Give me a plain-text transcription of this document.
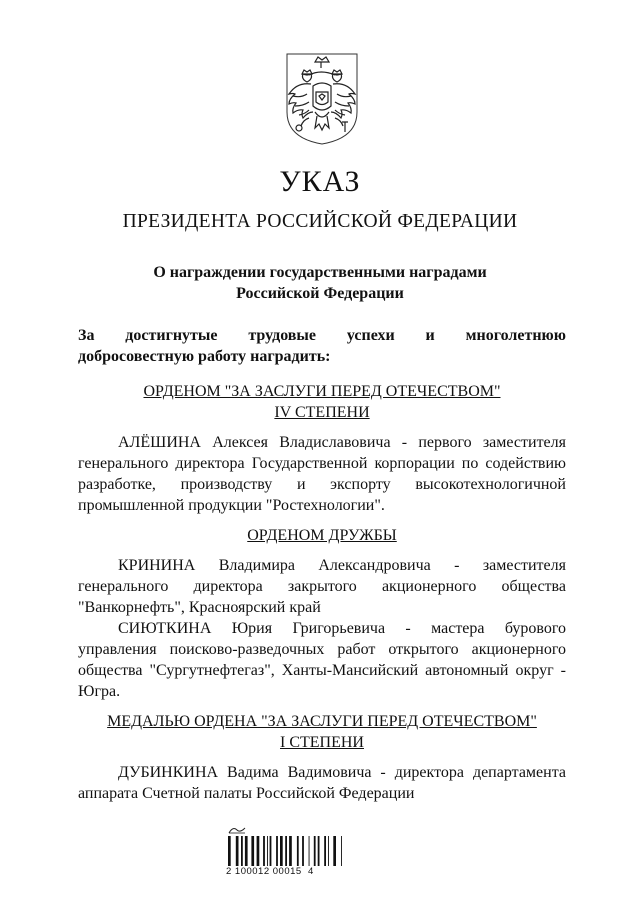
УКАЗ
ПРЕЗИДЕНТА РОССИЙСКОЙ ФЕДЕРАЦИИ
О награждении государственными наградами
Российской Федерации
За достигнутые трудовые успехи и многолетнюю
добросовестную работу наградить:

ОРДЕНОМ "ЗА ЗАСЛУГИ ПЕРЕД ОТЕЧЕСТВОМ"

IV СТЕПЕНИ

АЛЁШИНА Алексея Владиславовича - первого заместителя генерального директора Государственной корпорации по содействию разработке, производству и экспорту высокотехнологичной промышленной продукции "Ростехнологии".

ОРДЕНОМ ДРУЖБЫ

КРИНИНА Владимира Александровича - заместителя генерального директора закрытого акционерного общества "Ванкорнефть", Красноярский край

СИЮТКИНА Юрия Григорьевича - мастера бурового управления поисково-разведочных работ открытого акционерного общества "Сургутнефтегаз", Ханты-Мансийский автономный округ - Югра.

МЕДАЛЬЮ ОРДЕНА "ЗА ЗАСЛУГИ ПЕРЕД ОТЕЧЕСТВОМ"

I СТЕПЕНИ

ДУБИНКИНА Вадима Вадимовича - директора департамента аппарата Счетной палаты Российской Федерации

2 100012 00015  4
